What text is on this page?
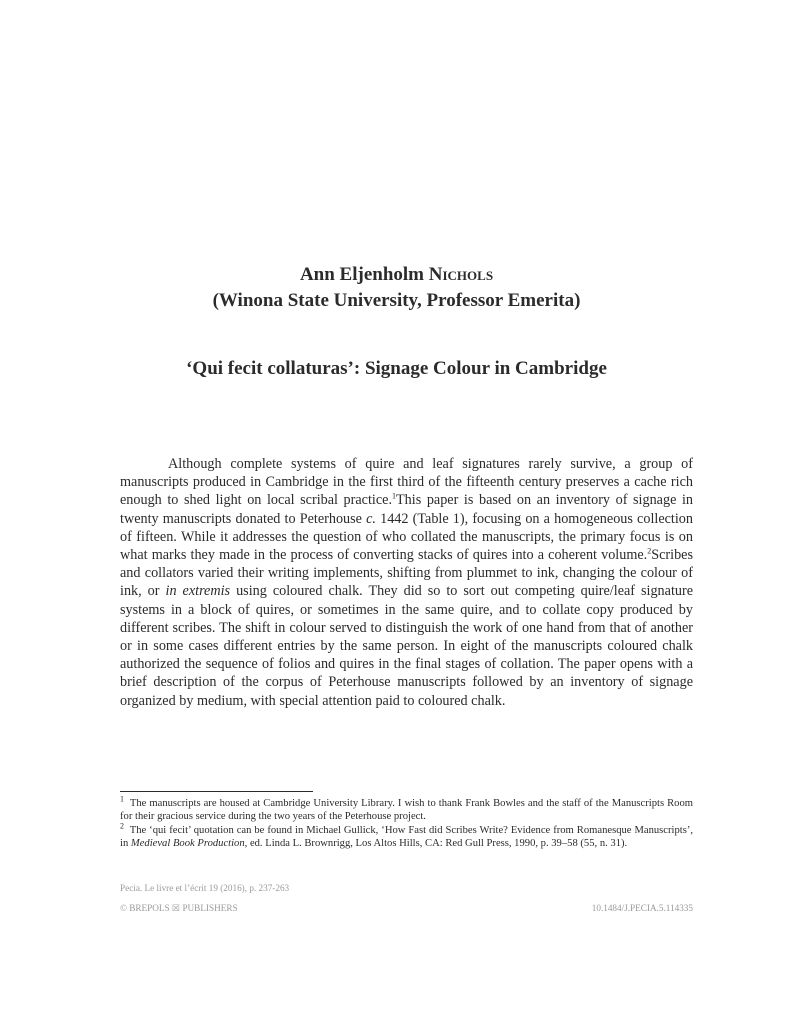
Ann Eljenholm Nichols
(Winona State University, Professor Emerita)
‘Qui fecit collaturas’: Signage Colour in Cambridge

Although complete systems of quire and leaf signatures rarely survive, a group of manuscripts produced in Cambridge in the first third of the fifteenth century preserves a cache rich enough to shed light on local scribal practice.$^1$This paper is based on an inventory of signage in twenty manuscripts donated to Peterhouse c. 1442 (Table 1), focusing on a homogeneous collection of fifteen. While it addresses the question of who collated the manuscripts, the primary focus is on what marks they made in the process of converting stacks of quires into a coherent volume.$^2$Scribes and collators varied their writing implements, shifting from plummet to ink, changing the colour of ink, or in extremis using coloured chalk. They did so to sort out competing quire/leaf signature systems in a block of quires, or sometimes in the same quire, and to collate copy produced by different scribes. The shift in colour served to distinguish the work of one hand from that of another or in some cases different entries by the same person. In eight of the manuscripts coloured chalk authorized the sequence of folios and quires in the final stages of collation. The paper opens with a brief description of the corpus of Peterhouse manuscripts followed by an inventory of signage organized by medium, with special attention paid to coloured chalk.

$^1$ The manuscripts are housed at Cambridge University Library. I wish to thank Frank Bowles and the staff of the Manuscripts Room for their gracious service during the two years of the Peterhouse project.

$^2$ The ‘qui fecit’ quotation can be found in Michael Gullick, ‘How Fast did Scribes Write? Evidence from Romanesque Manuscripts’, in Medieval Book Production, ed. Linda L. Brownrigg, Los Altos Hills, CA: Red Gull Press, 1990, p. 39–58 (55, n. 31).

Pecia. Le livre et l’écrit 19 (2016), p. 237-263
© BREPOLS ☒ PUBLISHERS	10.1484/J.PECIA.5.114335
